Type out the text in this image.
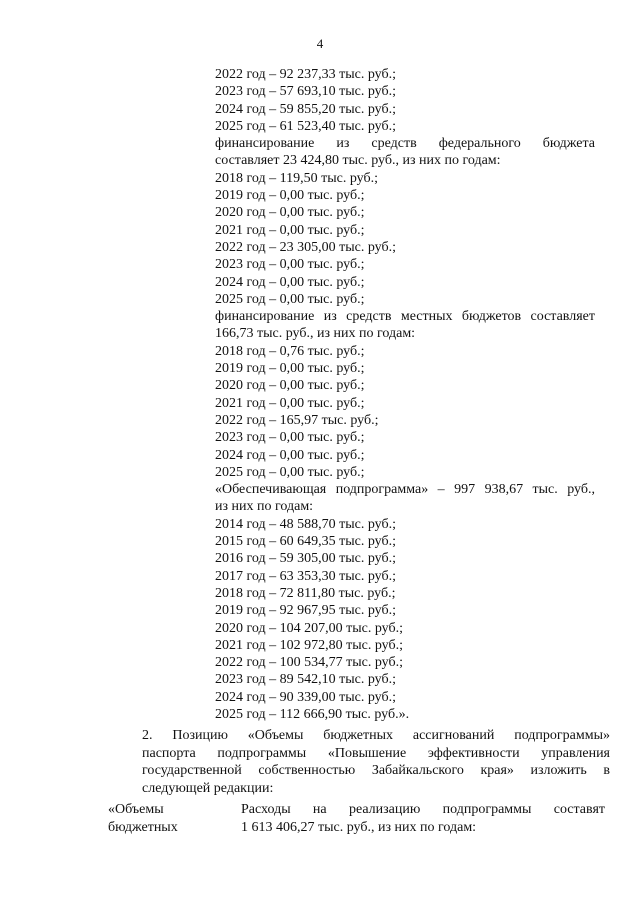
4
2022 год – 92 237,33 тыс. руб.;
2023 год – 57 693,10 тыс. руб.;
2024 год – 59 855,20 тыс. руб.;
2025 год – 61 523,40 тыс. руб.;
финансирование из средств федерального бюджета
составляет 23 424,80 тыс. руб., из них по годам:
2018 год – 119,50 тыс. руб.;
2019 год – 0,00 тыс. руб.;
2020 год – 0,00 тыс. руб.;
2021 год – 0,00 тыс. руб.;
2022 год – 23 305,00 тыс. руб.;
2023 год – 0,00 тыс. руб.;
2024 год – 0,00 тыс. руб.;
2025 год – 0,00 тыс. руб.;
финансирование из средств местных бюджетов составляет
166,73 тыс. руб., из них по годам:
2018 год – 0,76 тыс. руб.;
2019 год – 0,00 тыс. руб.;
2020 год – 0,00 тыс. руб.;
2021 год – 0,00 тыс. руб.;
2022 год – 165,97 тыс. руб.;
2023 год – 0,00 тыс. руб.;
2024 год – 0,00 тыс. руб.;
2025 год – 0,00 тыс. руб.;
«Обеспечивающая подпрограмма» – 997 938,67 тыс. руб.,
из них по годам:
2014 год – 48 588,70 тыс. руб.;
2015 год – 60 649,35 тыс. руб.;
2016 год – 59 305,00 тыс. руб.;
2017 год – 63 353,30 тыс. руб.;
2018 год – 72 811,80 тыс. руб.;
2019 год – 92 967,95 тыс. руб.;
2020 год – 104 207,00 тыс. руб.;
2021 год – 102 972,80 тыс. руб.;
2022 год – 100 534,77 тыс. руб.;
2023 год – 89 542,10 тыс. руб.;
2024 год – 90 339,00 тыс. руб.;
2025 год – 112 666,90 тыс. руб.».
2. Позицию «Объемы бюджетных ассигнований подпрограммы»
паспорта подпрограммы «Повышение эффективности управления
государственной собственностью Забайкальского края» изложить в
следующей редакции:
«Объемы	Расходы на реализацию подпрограммы составят
бюджетных	1 613 406,27 тыс. руб., из них по годам:
